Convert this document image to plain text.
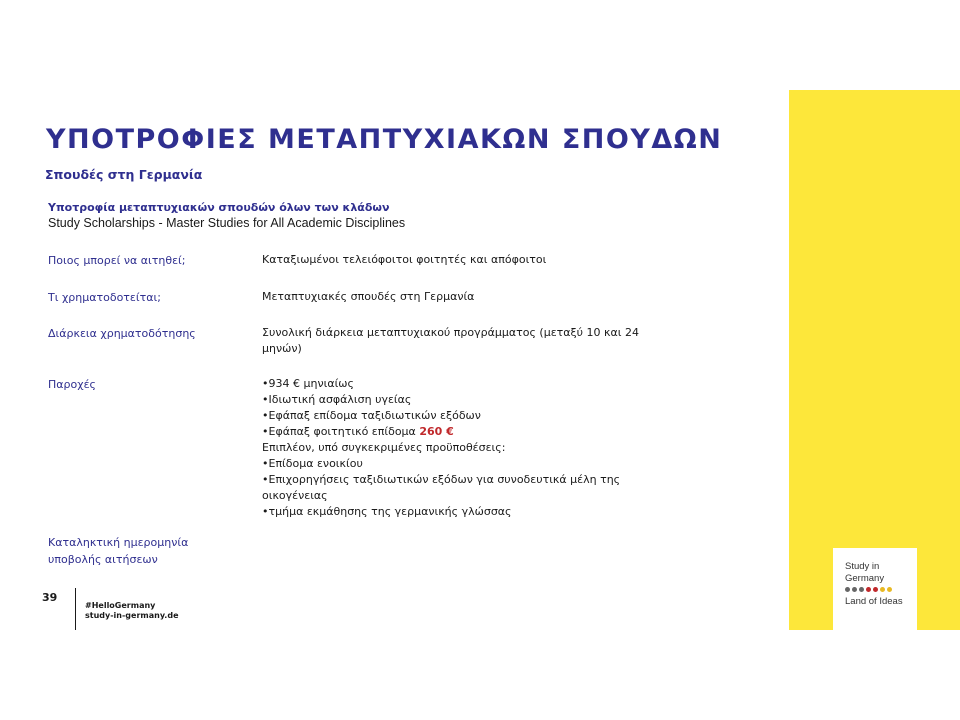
Study in
Germany
Land of Ideas
ΥΠΟΤΡΟΦΙΕΣ ΜΕΤΑΠΤΥΧΙΑΚΩΝ ΣΠΟΥΔΩΝ
Σπουδές στη Γερμανία
Υποτροφία μεταπτυχιακών σπουδών όλων των κλάδων
Study Scholarships - Master Studies for All Academic Disciplines
Ποιος μπορεί να αιτηθεί;	Καταξιωμένοι τελειόφοιτοι φοιτητές και απόφοιτοι
Τι χρηματοδοτείται;	Μεταπτυχιακές σπουδές στη Γερμανία
Διάρκεια χρηματοδότησης	Συνολική διάρκεια μεταπτυχιακού προγράμματος (μεταξύ 10 και 24
μηνών)
Παροχές	•934 € μηνιαίως
•Ιδιωτική ασφάλιση υγείας
•Εφάπαξ επίδομα ταξιδιωτικών εξόδων
•Εφάπαξ φοιτητικό επίδομα 260 €
Επιπλέον, υπό συγκεκριμένες προϋποθέσεις:
•Επίδομα ενοικίου
•Επιχορηγήσεις ταξιδιωτικών εξόδων για συνοδευτικά μέλη της
οικογένειας
•τμήμα εκμάθησης της γερμανικής γλώσσας
Καταληκτική ημερομηνία
υποβολής αιτήσεων
39
#HelloGermany
study-in-germany.de
